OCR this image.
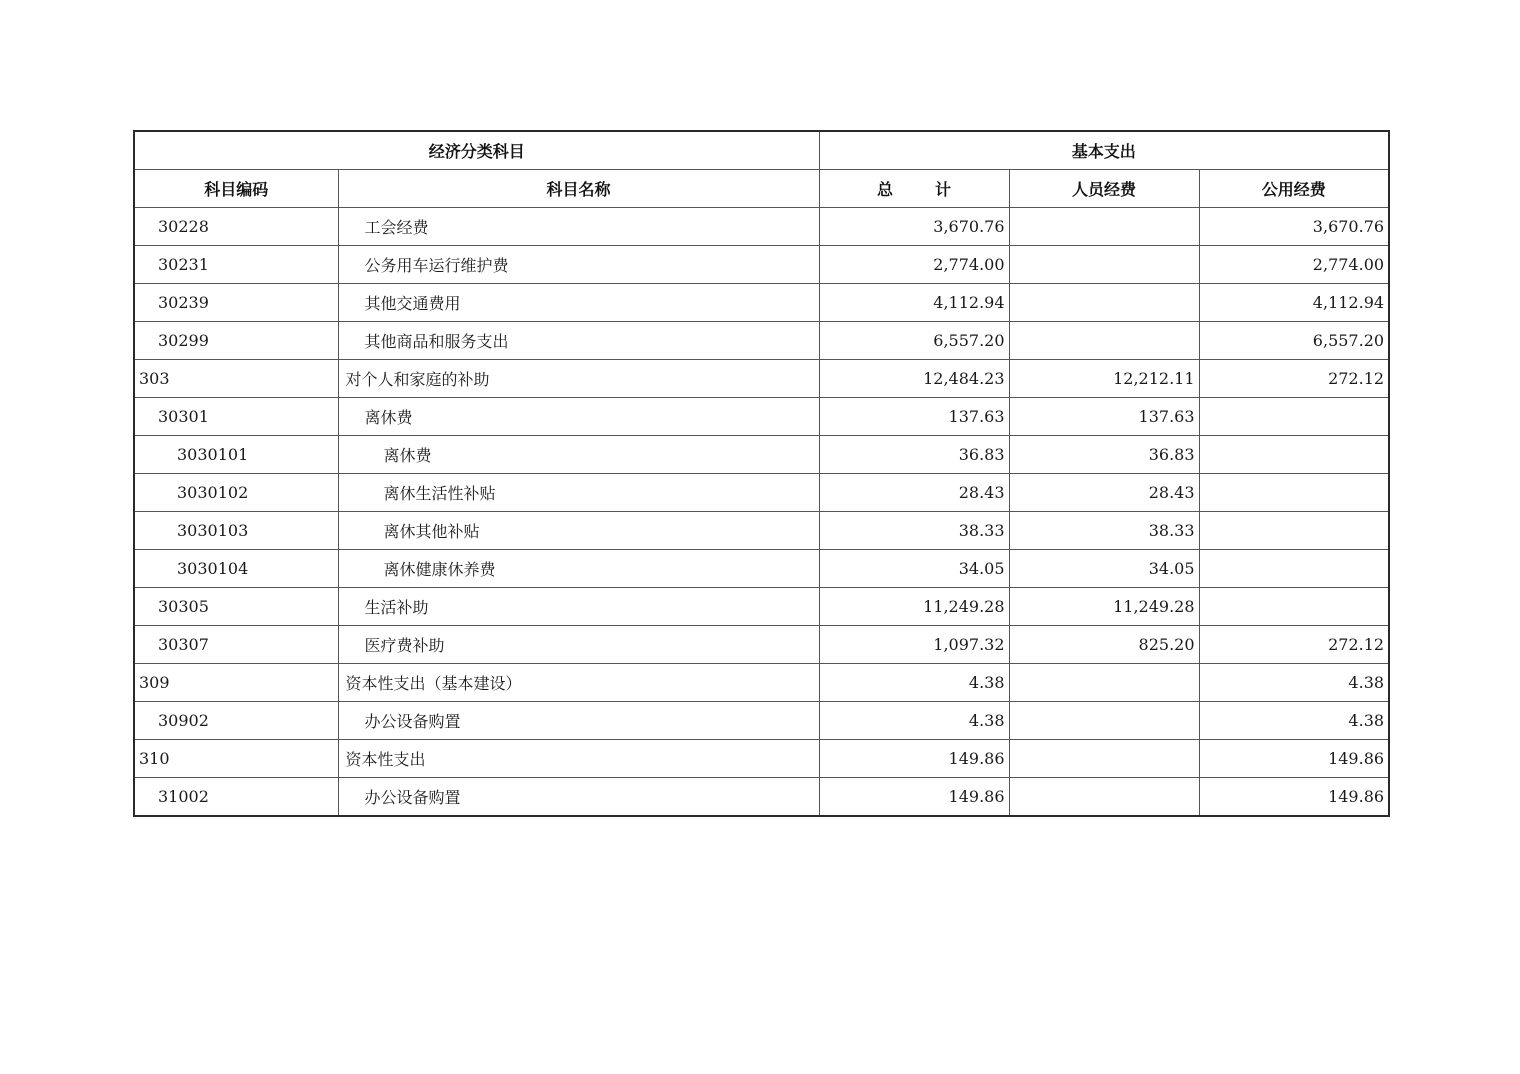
经济分类科目		基本支出		
科目编码	科目名称	总 计	人员经费	公用经费
30228	工会经费	3,670.76		3,670.76
30231	公务用车运行维护费	2,774.00		2,774.00
30239	其他交通费用	4,112.94		4,112.94
30299	其他商品和服务支出	6,557.20		6,557.20
303	对个人和家庭的补助	12,484.23	12,212.11	272.12
30301	离休费	137.63	137.63	
3030101	离休费	36.83	36.83	
3030102	离休生活性补贴	28.43	28.43	
3030103	离休其他补贴	38.33	38.33	
3030104	离休健康休养费	34.05	34.05	
30305	生活补助	11,249.28	11,249.28	
30307	医疗费补助	1,097.32	825.20	272.12
309	资本性支出（基本建设）	4.38		4.38
30902	办公设备购置	4.38		4.38
310	资本性支出	149.86		149.86
31002	办公设备购置	149.86		149.86
